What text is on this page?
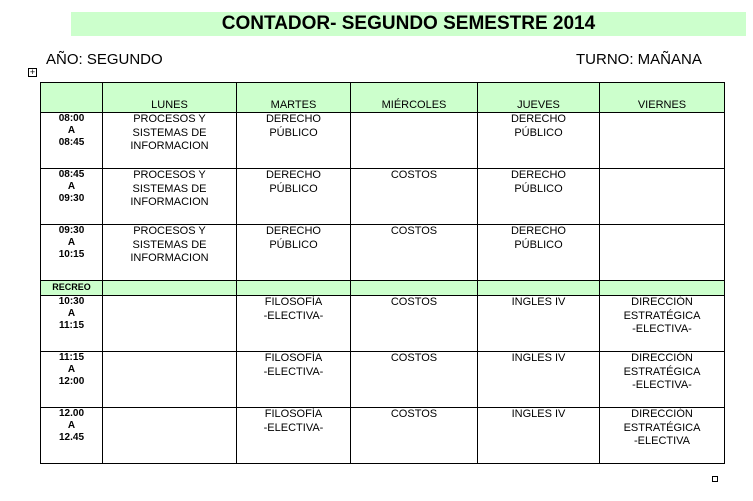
CONTADOR- SEGUNDO SEMESTRE 2014
AÑO: SEGUNDO	TURNO: MAÑANA
+

	LUNES	MARTES	MIÉRCOLES	JUEVES	VIERNES

08:00
A
08:45	PROCESOS Y
SISTEMAS DE
INFORMACION	DERECHO
PÚBLICO		DERECHO
PÚBLICO	

08:45
A
09:30	PROCESOS Y
SISTEMAS DE
INFORMACION	DERECHO
PÚBLICO	COSTOS	DERECHO
PÚBLICO	

09:30
A
10:15	PROCESOS Y
SISTEMAS DE
INFORMACION	DERECHO
PÚBLICO	COSTOS	DERECHO
PÚBLICO	

RECREO					

10:30
A
11:15		FILOSOFÍA
-ELECTIVA-	COSTOS	INGLES IV	DIRECCIÓN
ESTRATÉGICA
-ELECTIVA-

11:15
A
12:00		FILOSOFÍA
-ELECTIVA-	COSTOS	INGLES IV	DIRECCIÓN
ESTRATÉGICA
-ELECTIVA-

12.00
A
12.45		FILOSOFÍA
-ELECTIVA-	COSTOS	INGLES IV	DIRECCIÓN
ESTRATÉGICA
-ELECTIVA
